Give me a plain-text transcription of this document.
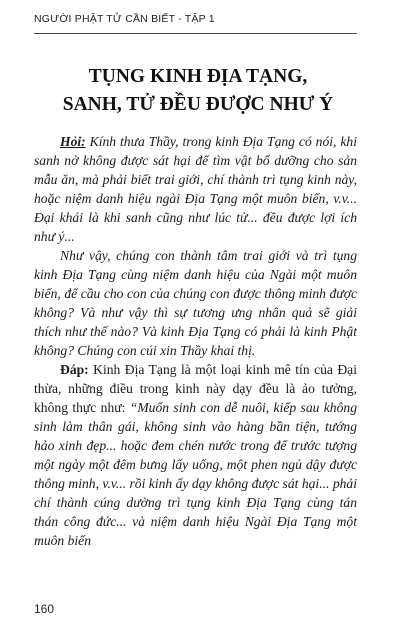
NGƯỜI PHẬT TỬ CẦN BIẾT - TẬP 1
TỤNG KINH ĐỊA TẠNG,
SANH, TỬ ĐỀU ĐƯỢC NHƯ Ý

Hỏi: Kính thưa Thầy, trong kinh Địa Tạng có nói, khi sanh nở không được sát hại để tìm vật bổ dưỡng cho sản mẫu ăn, mà phải biết trai giới, chí thành trì tụng kinh này, hoặc niệm danh hiệu ngài Địa Tạng một muôn biến, v.v... Đại khái là khi sanh cũng như lúc tử... đều được lợi ích như ý...

Như vậy, chúng con thành tâm trai giới và trì tụng kinh Địa Tạng cùng niệm danh hiệu của Ngài một muôn biến, để cầu cho con của chúng con được thông minh được không? Và như vậy thì sự tương ưng nhân quả sẽ giải thích như thế nào? Và kinh Địa Tạng có phải là kinh Phật không? Chúng con cúi xin Thầy khai thị.

Đáp: Kinh Địa Tạng là một loại kinh mê tín của Đại thừa, những điều trong kinh này dạy đều là ảo tưởng, không thực như: “Muốn sinh con dễ nuôi, kiếp sau không sinh làm thân gái, không sinh vào hàng bần tiện, tướng hảo xinh đẹp... hoặc đem chén nước trong để trước tượng một ngày một đêm bưng lấy uống, một phen ngủ dậy được thông minh, v.v... rồi kinh ấy dạy không được sát hại... phải chí thành cúng dường trì tụng kinh Địa Tạng cùng tán thán công đức... và niệm danh hiệu Ngài Địa Tạng một muôn biến

160
